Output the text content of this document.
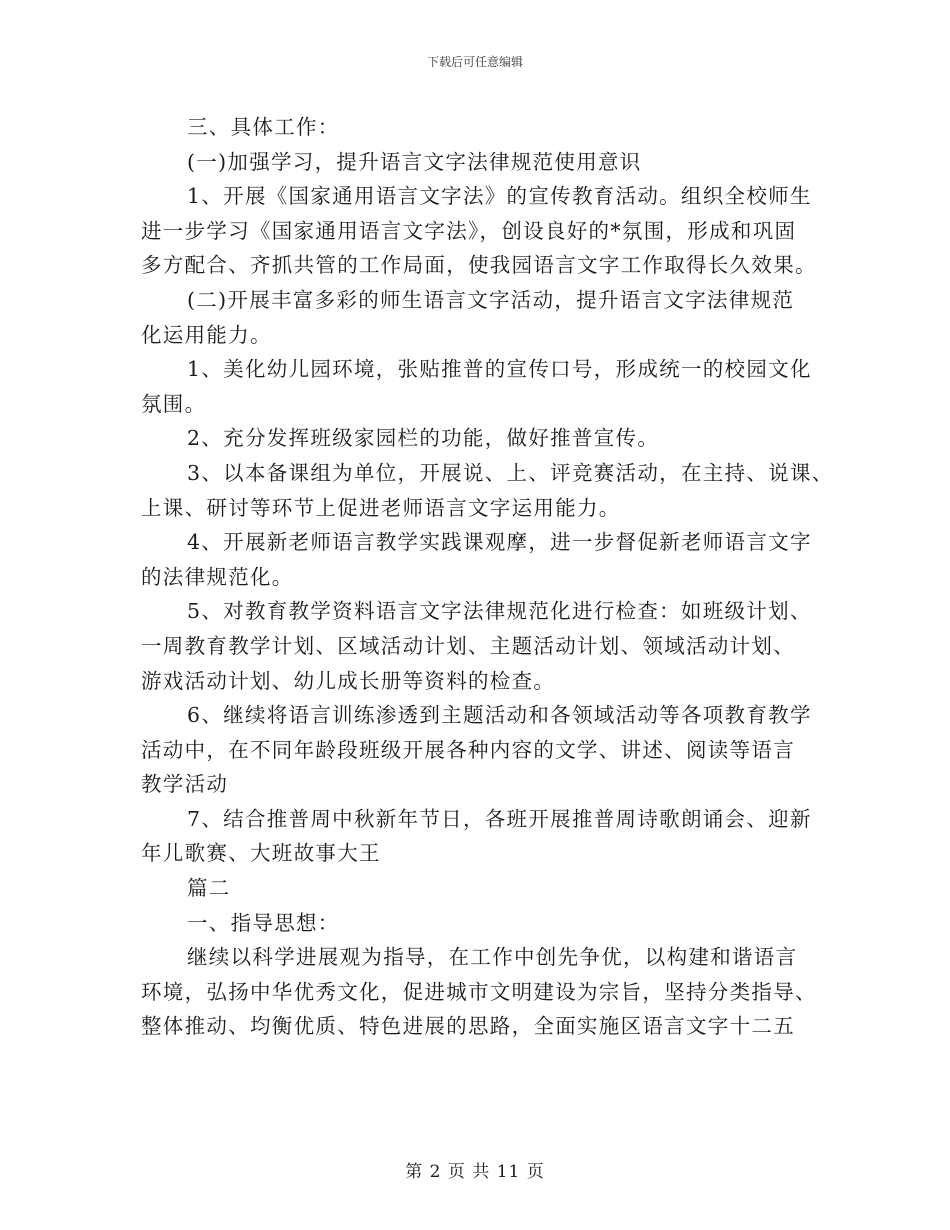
下载后可任意编辑
三、具体工作：
(一)加强学习，提升语言文字法律规范使用意识
1、开展《国家通用语言文字法》的宣传教育活动。组织全校师生
进一步学习《国家通用语言文字法》，创设良好的*氛围，形成和巩固
多方配合、齐抓共管的工作局面，使我园语言文字工作取得长久效果。
(二)开展丰富多彩的师生语言文字活动，提升语言文字法律规范
化运用能力。
1、美化幼儿园环境，张贴推普的宣传口号，形成统一的校园文化
氛围。
2、充分发挥班级家园栏的功能，做好推普宣传。
3、以本备课组为单位，开展说、上、评竞赛活动，在主持、说课、
上课、研讨等环节上促进老师语言文字运用能力。
4、开展新老师语言教学实践课观摩，进一步督促新老师语言文字
的法律规范化。
5、对教育教学资料语言文字法律规范化进行检查：如班级计划、
一周教育教学计划、区域活动计划、主题活动计划、领域活动计划、
游戏活动计划、幼儿成长册等资料的检查。
6、继续将语言训练渗透到主题活动和各领域活动等各项教育教学
活动中，在不同年龄段班级开展各种内容的文学、讲述、阅读等语言
教学活动
7、结合推普周中秋新年节日，各班开展推普周诗歌朗诵会、迎新
年儿歌赛、大班故事大王
篇二
一、指导思想：
继续以科学进展观为指导，在工作中创先争优，以构建和谐语言
环境，弘扬中华优秀文化，促进城市文明建设为宗旨，坚持分类指导、
整体推动、均衡优质、特色进展的思路，全面实施区语言文字十二五
第 2 页 共 11 页
